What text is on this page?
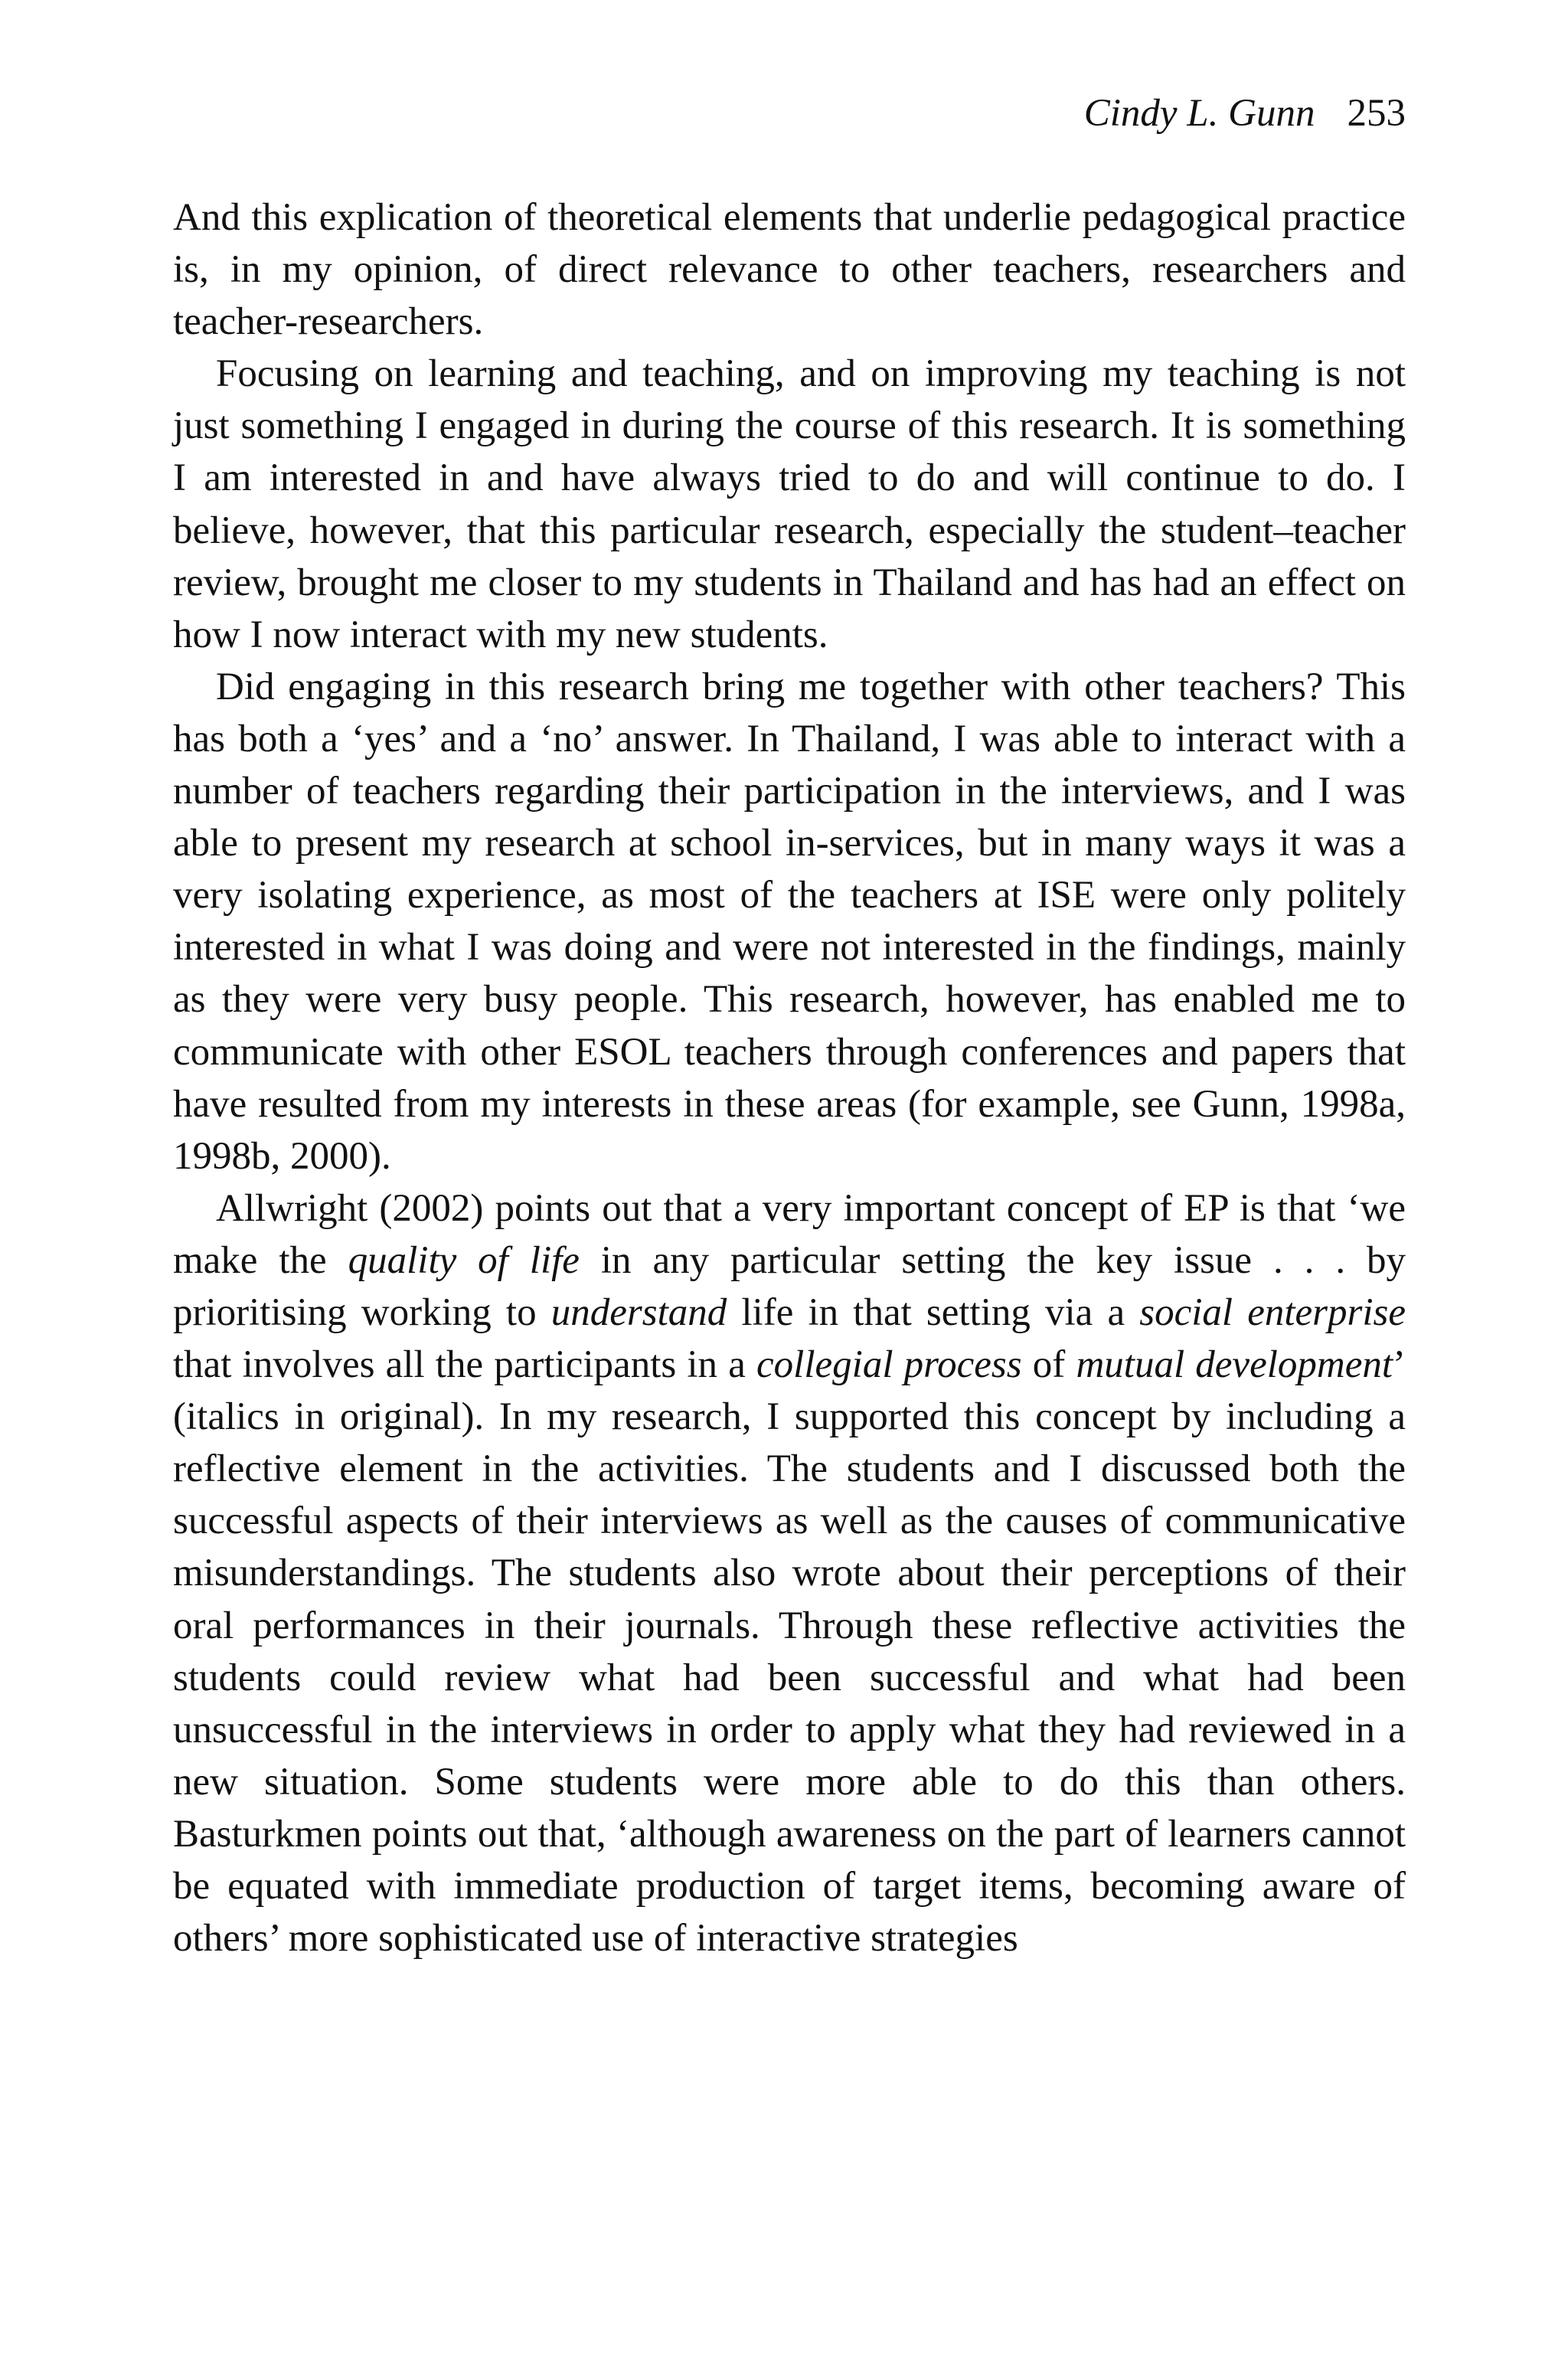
Cindy L. Gunn 253

And this explication of theoretical elements that underlie pedagogical practice is, in my opinion, of direct relevance to other teachers, researchers and teacher-researchers.

Focusing on learning and teaching, and on improving my teaching is not just something I engaged in during the course of this research. It is something I am interested in and have always tried to do and will continue to do. I believe, however, that this particular research, especially the student–teacher review, brought me closer to my students in Thailand and has had an effect on how I now interact with my new students.

Did engaging in this research bring me together with other teachers? This has both a ‘yes’ and a ‘no’ answer. In Thailand, I was able to interact with a number of teachers regarding their participation in the interviews, and I was able to present my research at school in-services, but in many ways it was a very isolating experience, as most of the teachers at ISE were only politely interested in what I was doing and were not interested in the findings, mainly as they were very busy people. This research, however, has enabled me to communicate with other ESOL teachers through conferences and papers that have resulted from my interests in these areas (for example, see Gunn, 1998a, 1998b, 2000).

Allwright (2002) points out that a very important concept of EP is that ‘we make the quality of life in any particular setting the key issue . . . by prioritising working to understand life in that setting via a social enterprise that involves all the participants in a collegial process of mutual development’ (italics in original). In my research, I supported this concept by including a reflective element in the activities. The students and I discussed both the successful aspects of their interviews as well as the causes of communicative misunderstandings. The students also wrote about their perceptions of their oral performances in their journals. Through these reflective activities the students could review what had been successful and what had been unsuccessful in the interviews in order to apply what they had reviewed in a new situation. Some students were more able to do this than others. Basturkmen points out that, ‘although awareness on the part of learners cannot be equated with immediate production of target items, becoming aware of others’ more sophisticated use of interactive strategies
